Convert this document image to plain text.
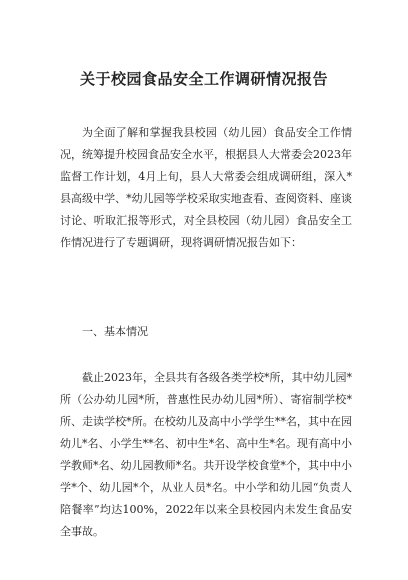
关于校园食品安全工作调研情况报告

为全面了解和掌握我县校园（幼儿园）食品安全工作情况，统筹提升校园食品安全水平，根据县人大常委会2023年监督工作计划，4月上旬，县人大常委会组成调研组，深入*县高级中学、*幼儿园等学校采取实地查看、查阅资料、座谈讨论、听取汇报等形式，对全县校园（幼儿园）食品安全工作情况进行了专题调研，现将调研情况报告如下：

一、基本情况

截止2023年，全县共有各级各类学校*所，其中幼儿园*所（公办幼儿园*所，普惠性民办幼儿园*所）、寄宿制学校*所、走读学校*所。在校幼儿及高中小学学生**名，其中在园幼儿*名、小学生**名、初中生*名、高中生*名。现有高中小学教师*名、幼儿园教师*名。共开设学校食堂*个，其中中小学*个、幼儿园*个，从业人员*名。中小学和幼儿园“负责人陪餐率”均达100%，2022年以来全县校园内未发生食品安全事故。
